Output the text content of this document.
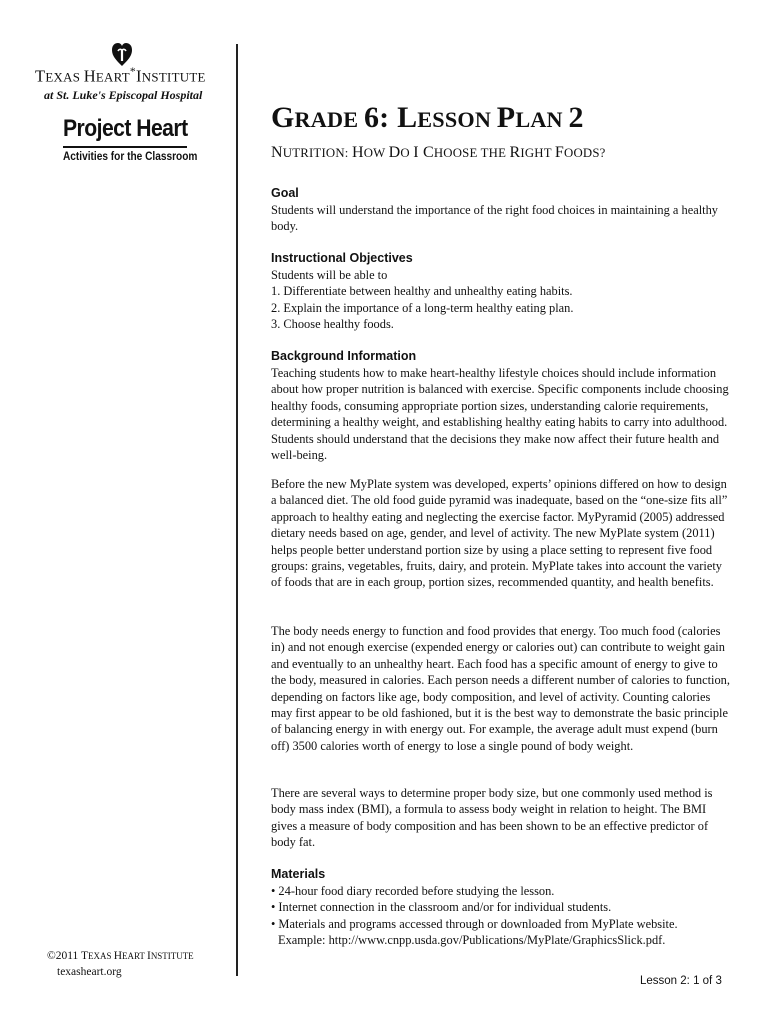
TEXAS HEART*INSTITUTE
at St. Luke's Episcopal Hospital
Project Heart
Activities for the Classroom
©2011 TEXAS HEART INSTITUTE
texasheart.org
GRADE 6: LESSON PLAN 2
NUTRITION: HOW DO I CHOOSE THE RIGHT FOODS?
Goal

Students will understand the importance of the right food choices in maintaining a healthy body.

Instructional Objectives
Students will be able to
1. Differentiate between healthy and unhealthy eating habits.
2. Explain the importance of a long-term healthy eating plan.
3. Choose healthy foods.
Background Information

Teaching students how to make heart-healthy lifestyle choices should include information about how proper nutrition is balanced with exercise. Specific components include choosing healthy foods, consuming appropriate portion sizes, understanding calorie requirements, determining a healthy weight, and establishing healthy eating habits to carry into adulthood. Students should understand that the decisions they make now affect their future health and well-being.

Before the new MyPlate system was developed, experts’ opinions differed on how to design a balanced diet. The old food guide pyramid was inadequate, based on the “one-size fits all” approach to healthy eating and neglecting the exercise factor. MyPyramid (2005) addressed dietary needs based on age, gender, and level of activity. The new MyPlate system (2011) helps people better understand portion size by using a place setting to represent five food groups: grains, vegetables, fruits, dairy, and protein. MyPlate takes into account the variety of foods that are in each group, portion sizes, recommended quantity, and health benefits.

The body needs energy to function and food provides that energy. Too much food (calories in) and not enough exercise (expended energy or calories out) can contribute to weight gain and eventually to an unhealthy heart. Each food has a specific amount of energy to give to the body, measured in calories. Each person needs a different number of calories to function, depending on factors like age, body composition, and level of activity. Counting calories may first appear to be old fashioned, but it is the best way to demonstrate the basic principle of balancing energy in with energy out. For example, the average adult must expend (burn off) 3500 calories worth of energy to lose a single pound of body weight.

There are several ways to determine proper body size, but one commonly used method is body mass index (BMI), a formula to assess body weight in relation to height. The BMI gives a measure of body composition and has been shown to be an effective predictor of body fat.

Materials
• 24-hour food diary recorded before studying the lesson.
• Internet connection in the classroom and/or for individual students.
• Materials and programs accessed through or downloaded from MyPlate website.
Example: http://www.cnpp.usda.gov/Publications/MyPlate/GraphicsSlick.pdf.
Lesson 2: 1 of 3
